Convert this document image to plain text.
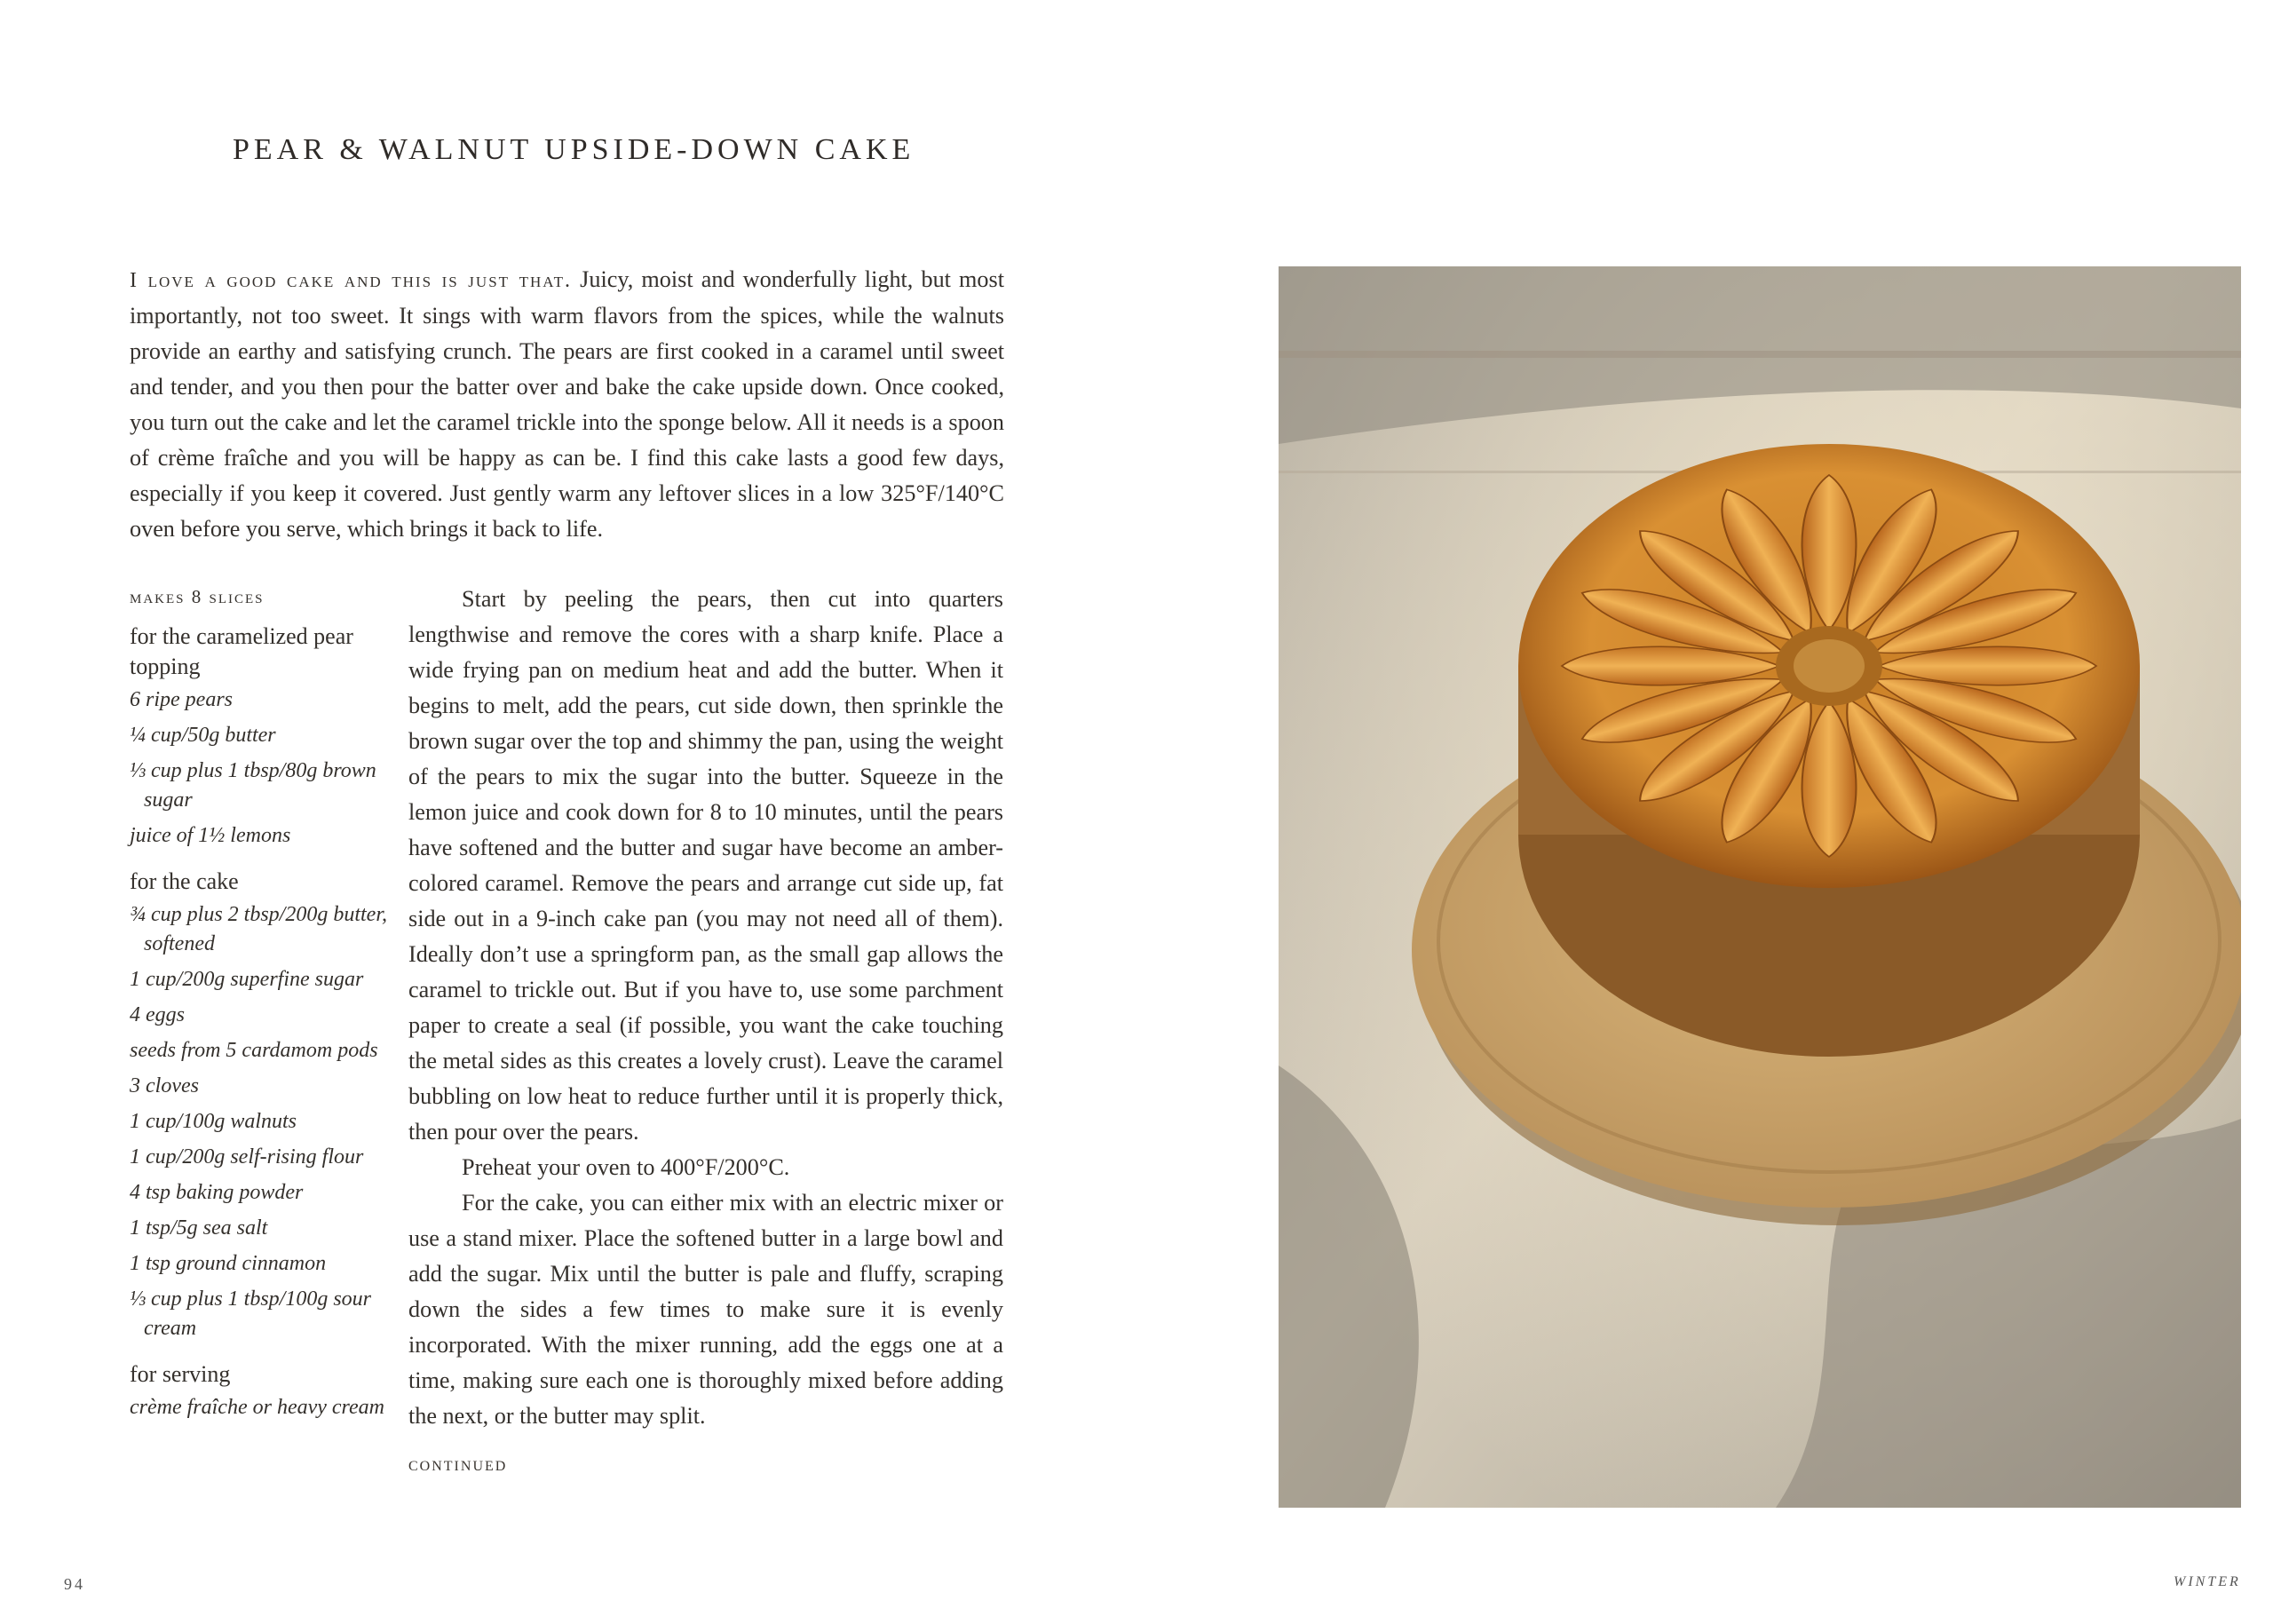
PEAR & WALNUT UPSIDE-DOWN CAKE
I love a good cake and this is just that. Juicy, moist and wonderfully light, but most importantly, not too sweet. It sings with warm flavors from the spices, while the walnuts provide an earthy and satisfying crunch. The pears are first cooked in a caramel until sweet and tender, and you then pour the batter over and bake the cake upside down. Once cooked, you turn out the cake and let the caramel trickle into the sponge below. All it needs is a spoon of crème fraîche and you will be happy as can be. I find this cake lasts a good few days, especially if you keep it covered. Just gently warm any leftover slices in a low 325°F/140°C oven before you serve, which brings it back to life.
makes 8 slices
for the caramelized pear topping
6 ripe pears
¼ cup/50g butter
⅓ cup plus 1 tbsp/80g brown sugar
juice of 1½ lemons
for the cake
¾ cup plus 2 tbsp/200g butter, softened
1 cup/200g superfine sugar
4 eggs
seeds from 5 cardamom pods
3 cloves
1 cup/100g walnuts
1 cup/200g self-rising flour
4 tsp baking powder
1 tsp/5g sea salt
1 tsp ground cinnamon
⅓ cup plus 1 tbsp/100g sour cream
for serving
crème fraîche or heavy cream

Start by peeling the pears, then cut into quarters lengthwise and remove the cores with a sharp knife. Place a wide frying pan on medium heat and add the butter. When it begins to melt, add the pears, cut side down, then sprinkle the brown sugar over the top and shimmy the pan, using the weight of the pears to mix the sugar into the butter. Squeeze in the lemon juice and cook down for 8 to 10 minutes, until the pears have softened and the butter and sugar have become an amber-colored caramel. Remove the pears and arrange cut side up, fat side out in a 9-inch cake pan (you may not need all of them). Ideally don’t use a springform pan, as the small gap allows the caramel to trickle out. But if you have to, use some parchment paper to create a seal (if possible, you want the cake touching the metal sides as this creates a lovely crust). Leave the caramel bubbling on low heat to reduce further until it is properly thick, then pour over the pears.

Preheat your oven to 400°F/200°C.

For the cake, you can either mix with an electric mixer or use a stand mixer. Place the softened butter in a large bowl and add the sugar. Mix until the butter is pale and fluffy, scraping down the sides a few times to make sure it is evenly incorporated. With the mixer running, add the eggs one at a time, making sure each one is thoroughly mixed before adding the next, or the butter may split.

CONTINUED
94	WINTER
